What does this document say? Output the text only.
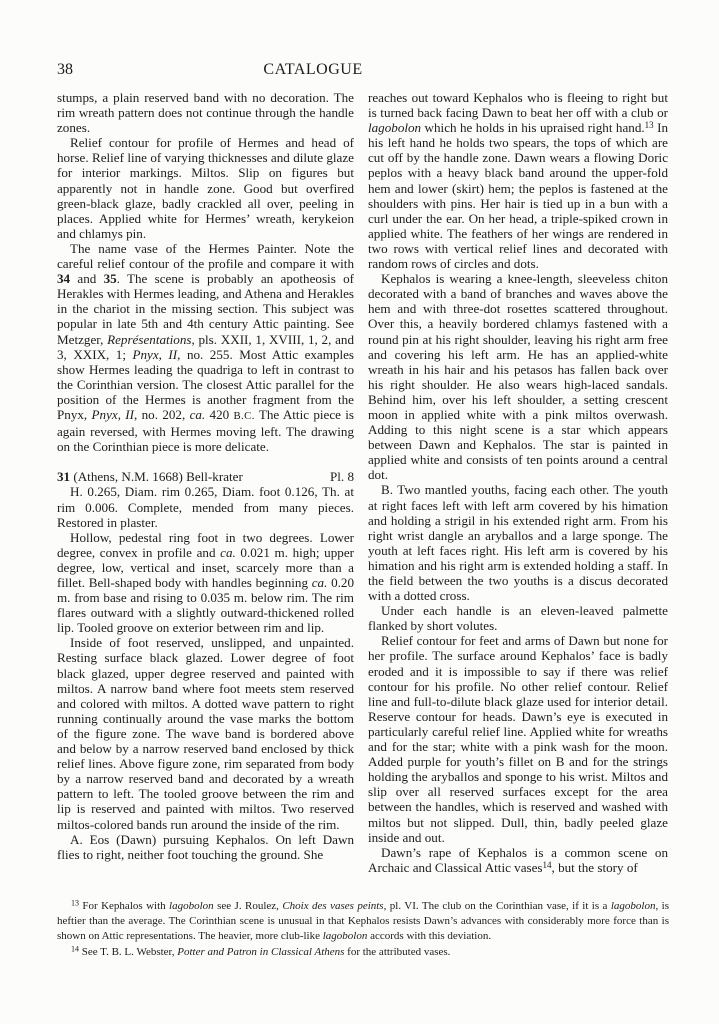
38	CATALOGUE

stumps, a plain reserved band with no decoration. The rim wreath pattern does not continue through the handle zones.

Relief contour for profile of Hermes and head of horse. Relief line of varying thicknesses and dilute glaze for interior markings. Miltos. Slip on figures but apparently not in handle zone. Good but overfired green-black glaze, badly crackled all over, peeling in places. Applied white for Hermes’ wreath, kerykeion and chlamys pin.

The name vase of the Hermes Painter. Note the careful relief contour of the profile and compare it with 34 and 35. The scene is probably an apotheosis of Herakles with Hermes leading, and Athena and Herakles in the chariot in the missing section. This subject was popular in late 5th and 4th century Attic painting. See Metzger, Représentations, pls. XXII, 1, XVIII, 1, 2, and 3, XXIX, 1; Pnyx, II, no. 255. Most Attic examples show Hermes leading the quadriga to left in contrast to the Corinthian version. The closest Attic parallel for the position of the Hermes is another fragment from the Pnyx, Pnyx, II, no. 202, ca. 420 B.C. The Attic piece is again reversed, with Hermes moving left. The drawing on the Corinthian piece is more delicate.

31 (Athens, N.M. 1668) Bell-krater	Pl. 8

H. 0.265, Diam. rim 0.265, Diam. foot 0.126, Th. at rim 0.006. Complete, mended from many pieces. Restored in plaster.

Hollow, pedestal ring foot in two degrees. Lower degree, convex in profile and ca. 0.021 m. high; upper degree, low, vertical and inset, scarcely more than a fillet. Bell-shaped body with handles beginning ca. 0.20 m. from base and rising to 0.035 m. below rim. The rim flares outward with a slightly outward-thickened rolled lip. Tooled groove on exterior between rim and lip.

Inside of foot reserved, unslipped, and unpainted. Resting surface black glazed. Lower degree of foot black glazed, upper degree reserved and painted with miltos. A narrow band where foot meets stem reserved and colored with miltos. A dotted wave pattern to right running continually around the vase marks the bottom of the figure zone. The wave band is bordered above and below by a narrow reserved band enclosed by thick relief lines. Above figure zone, rim separated from body by a narrow reserved band and decorated by a wreath pattern to left. The tooled groove between the rim and lip is reserved and painted with miltos. Two reserved miltos-colored bands run around the inside of the rim.

A. Eos (Dawn) pursuing Kephalos. On left Dawn flies to right, neither foot touching the ground. She

reaches out toward Kephalos who is fleeing to right but is turned back facing Dawn to beat her off with a club or lagobolon which he holds in his upraised right hand.$^{13}$ In his left hand he holds two spears, the tops of which are cut off by the handle zone. Dawn wears a flowing Doric peplos with a heavy black band around the upper-fold hem and lower (skirt) hem; the peplos is fastened at the shoulders with pins. Her hair is tied up in a bun with a curl under the ear. On her head, a triple-spiked crown in applied white. The feathers of her wings are rendered in two rows with vertical relief lines and decorated with random rows of circles and dots.

Kephalos is wearing a knee-length, sleeveless chiton decorated with a band of branches and waves above the hem and with three-dot rosettes scattered throughout. Over this, a heavily bordered chlamys fastened with a round pin at his right shoulder, leaving his right arm free and covering his left arm. He has an applied-white wreath in his hair and his petasos has fallen back over his right shoulder. He also wears high-laced sandals. Behind him, over his left shoulder, a setting crescent moon in applied white with a pink miltos overwash. Adding to this night scene is a star which appears between Dawn and Kephalos. The star is painted in applied white and consists of ten points around a central dot.

B. Two mantled youths, facing each other. The youth at right faces left with left arm covered by his himation and holding a strigil in his extended right arm. From his right wrist dangle an aryballos and a large sponge. The youth at left faces right. His left arm is covered by his himation and his right arm is extended holding a staff. In the field between the two youths is a discus decorated with a dotted cross.

Under each handle is an eleven-leaved palmette flanked by short volutes.

Relief contour for feet and arms of Dawn but none for her profile. The surface around Kephalos’ face is badly eroded and it is impossible to say if there was relief contour for his profile. No other relief contour. Relief line and full-to-dilute black glaze used for interior detail. Reserve contour for heads. Dawn’s eye is executed in particularly careful relief line. Applied white for wreaths and for the star; white with a pink wash for the moon. Added purple for youth’s fillet on B and for the strings holding the aryballos and sponge to his wrist. Miltos and slip over all reserved surfaces except for the area between the handles, which is reserved and washed with miltos but not slipped. Dull, thin, badly peeled glaze inside and out.

Dawn’s rape of Kephalos is a common scene on Archaic and Classical Attic vases$^{14}$, but the story of

$^{13}$ For Kephalos with lagobolon see J. Roulez, Choix des vases peints, pl. VI. The club on the Corinthian vase, if it is a lagobolon, is heftier than the average. The Corinthian scene is unusual in that Kephalos resists Dawn’s advances with considerably more force than is shown on Attic representations. The heavier, more club-like lagobolon accords with this deviation.

$^{14}$ See T. B. L. Webster, Potter and Patron in Classical Athens for the attributed vases.
